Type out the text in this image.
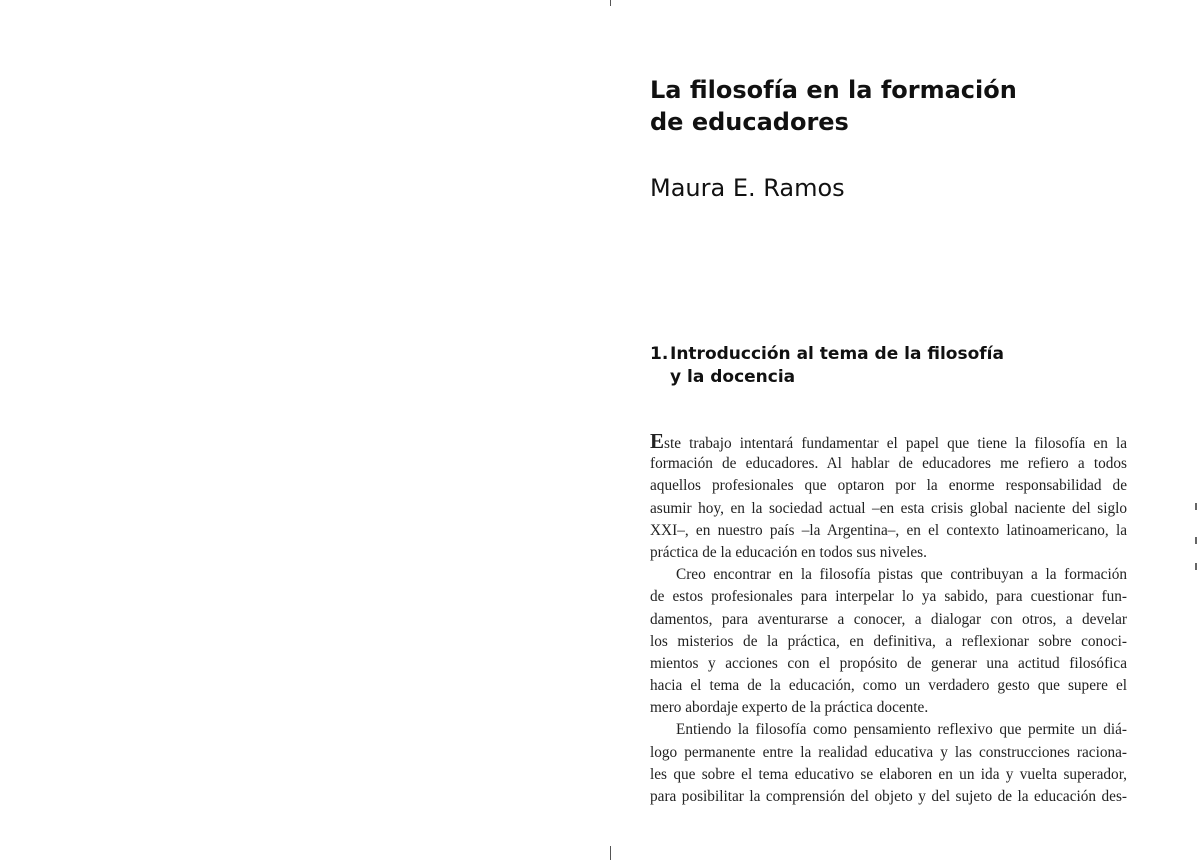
La filosofía en la formación
de educadores
Maura E. Ramos
1. Introducción al tema de la filosofía
y la docencia
Este trabajo intentará fundamentar el papel que tiene la filosofía en la
formación de educadores. Al hablar de educadores me refiero a todos
aquellos profesionales que optaron por la enorme responsabilidad de
asumir hoy, en la sociedad actual –en esta crisis global naciente del siglo
XXI–, en nuestro país –la Argentina–, en el contexto latinoamericano, la
práctica de la educación en todos sus niveles.
Creo encontrar en la filosofía pistas que contribuyan a la formación
de estos profesionales para interpelar lo ya sabido, para cuestionar fun-
damentos, para aventurarse a conocer, a dialogar con otros, a develar
los misterios de la práctica, en definitiva, a reflexionar sobre conoci-
mientos y acciones con el propósito de generar una actitud filosófica
hacia el tema de la educación, como un verdadero gesto que supere el
mero abordaje experto de la práctica docente.
Entiendo la filosofía como pensamiento reflexivo que permite un diá-
logo permanente entre la realidad educativa y las construcciones raciona-
les que sobre el tema educativo se elaboren en un ida y vuelta superador,
para posibilitar la comprensión del objeto y del sujeto de la educación des-
